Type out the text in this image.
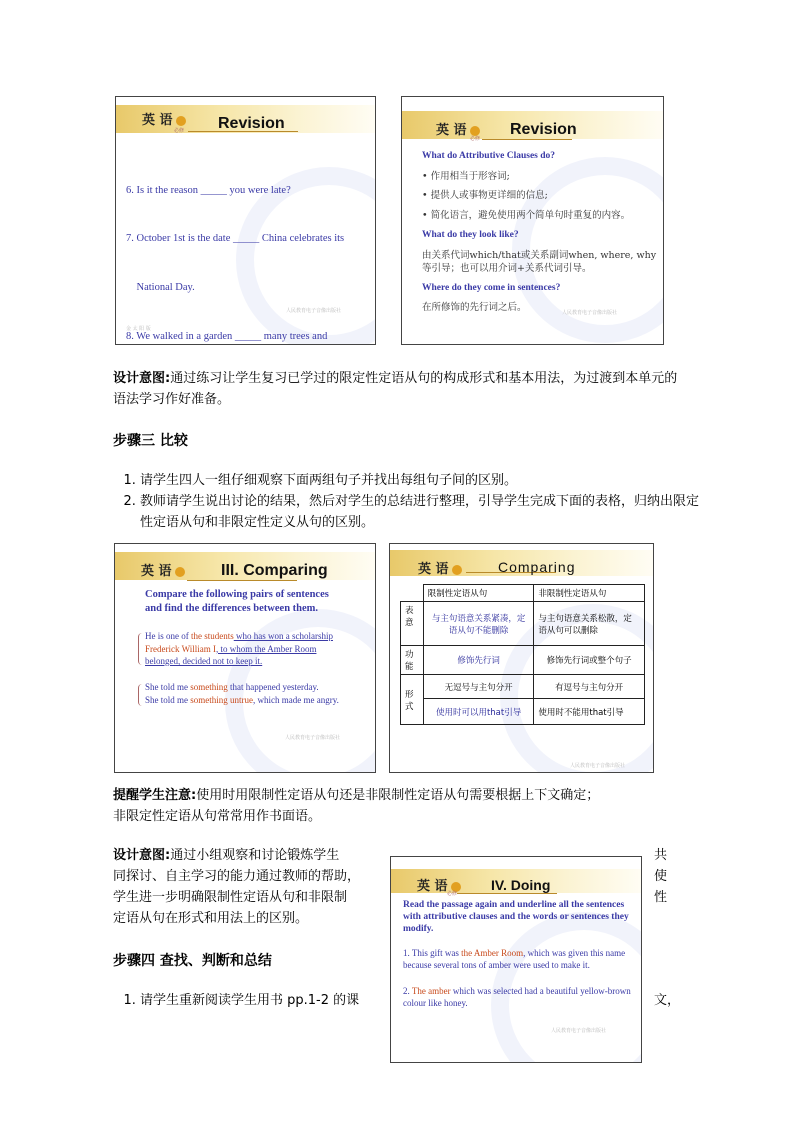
英 语
必修 Revision

6. Is it the reason _____ you were late?

7. October 1st is the date _____ China celebrates its

National Day.

8. We walked in a garden _____ many trees and

金 太 阳 版
人民教育电子音像出版社
英 语
必修
Revision
What do Attributive Clauses do?
• 作用相当于形容词;
• 提供人或事物更详细的信息;
• 简化语言，避免使用两个简单句时重复的内容。
What do they look like?
由关系代词which/that或关系副词when, where, why等引导；也可以用介词+关系代词引导。
Where do they come in sentences?
在所修饰的先行词之后。	人民教育电子音像出版社
设计意图:通过练习让学生复习已学过的限定性定语从句的构成形式和基本用法，为过渡到本单元的语法学习作好准备。
步骤三 比较
1. 请学生四人一组仔细观察下面两组句子并找出每组句子间的区别。
2. 教师请学生说出讨论的结果，然后对学生的总结进行整理，引导学生完成下面的表格，归纳出限定性定语从句和非限定性定义从句的区别。
英 语	III. Comparing
Compare the following pairs of sentences
and find the differences between them.
He is one of the students who has won a scholarship
Frederick William I, to whom the Amber Room
belonged, decided not to keep it.
She told me something that happened yesterday.
She told me something untrue, which made me angry.
人民教育电子音像出版社
英 语	Comparing
	限制性定语从句	非限制性定语从句
表意	与主句语意关系紧凑，定语从句不能删除	与主句语意关系松散，定语从句可以删除
功能	修饰先行词	修饰先行词或整个句子
形式	无逗号与主句分开	有逗号与主句分开
	使用时可以用that引导	使用时不能用that引导
人民教育电子音像出版社
提醒学生注意:使用时用限制性定语从句还是非限制性定语从句需要根据上下文确定；
非限定性定语从句常常用作书面语。
设计意图:通过小组观察和讨论锻炼学生
同探讨、自主学习的能力通过教师的帮助，
学生进一步明确限制性定语从句和非限制
定语从句在形式和用法上的区别。
共
使
性
步骤四 查找、判断和总结
1. 请学生重新阅读学生用书 pp.1-2 的课	文，
英 语 必修
IV. Doing
Read the passage again and underline all the sentences with attributive clauses and the words or sentences they modify.
1. This gift was the Amber Room, which was given this name because several tons of amber were used to make it.
2. The amber which was selected had a beautiful yellow-brown colour like honey.
人民教育电子音像出版社
